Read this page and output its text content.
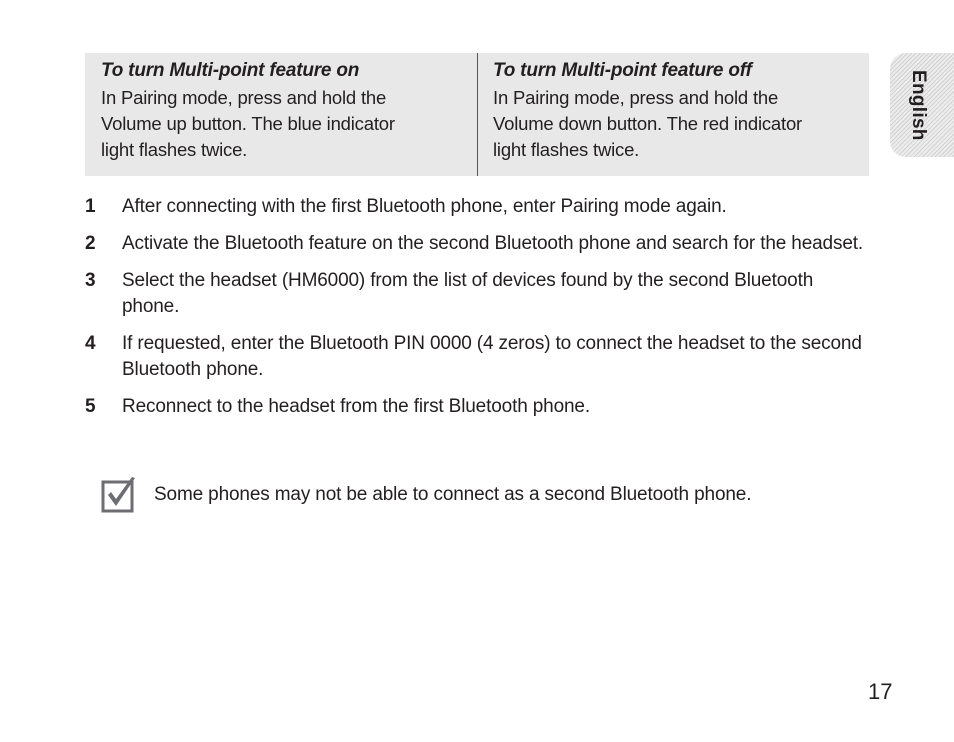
To turn Multi-point feature on

In Pairing mode, press and hold the
Volume up button. The blue indicator
light flashes twice.

To turn Multi-point feature off

In Pairing mode, press and hold the
Volume down button. The red indicator
light flashes twice.

English
1	After connecting with the first Bluetooth phone, enter Pairing mode again.
2	Activate the Bluetooth feature on the second Bluetooth phone and search for the headset.
3	Select the headset (HM6000) from the list of devices found by the second Bluetooth phone.
4	If requested, enter the Bluetooth PIN 0000 (4 zeros) to connect the headset to the second Bluetooth phone.
5	Reconnect to the headset from the first Bluetooth phone.
Some phones may not be able to connect as a second Bluetooth phone.
17
